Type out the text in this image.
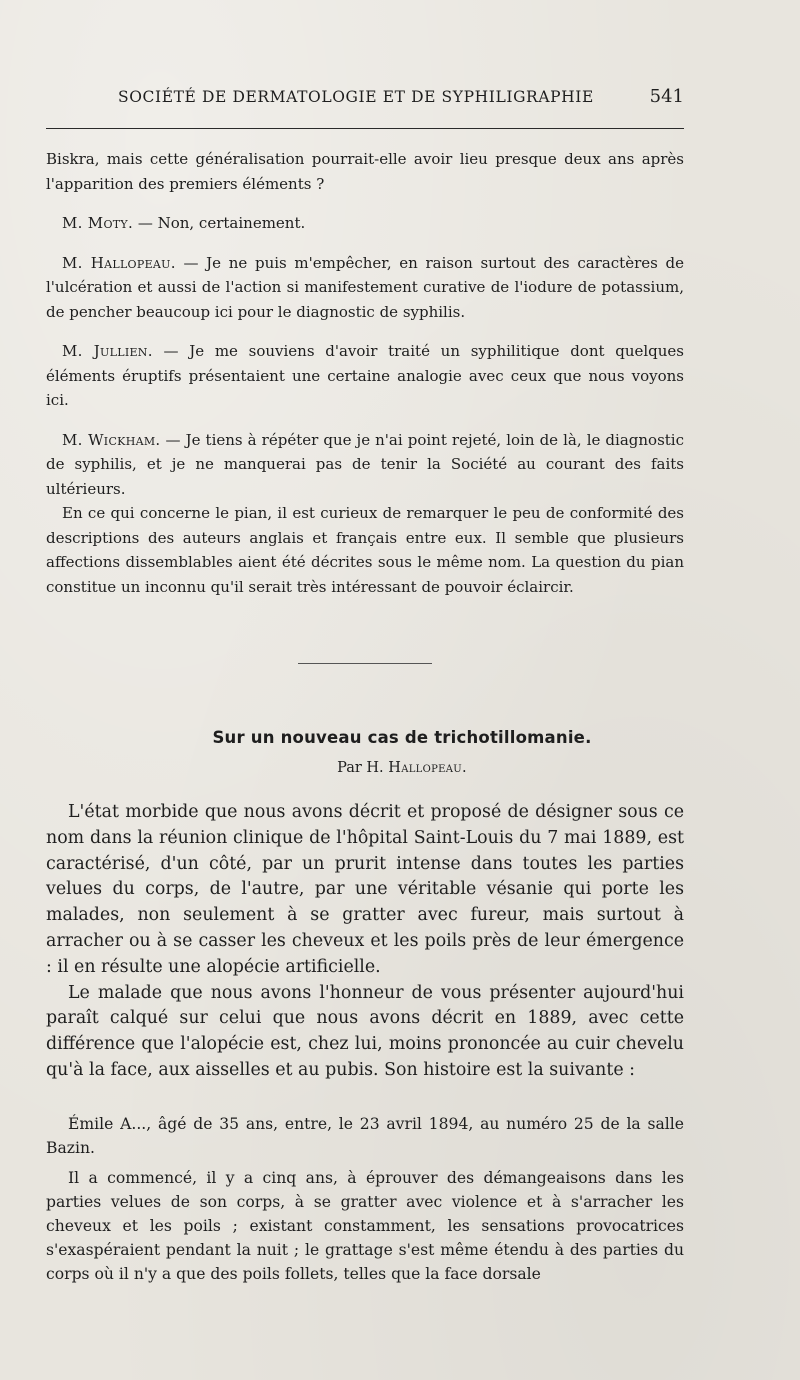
SOCIÉTÉ DE DERMATOLOGIE ET DE SYPHILIGRAPHIE	541

Biskra, mais cette généralisation pourrait-elle avoir lieu presque deux ans après l'apparition des premiers éléments ?

M. Moty. — Non, certainement.

M. Hallopeau. — Je ne puis m'empêcher, en raison surtout des caractères de l'ulcération et aussi de l'action si manifestement curative de l'iodure de potassium, de pencher beaucoup ici pour le diagnostic de syphilis.

M. Jullien. — Je me souviens d'avoir traité un syphilitique dont quelques éléments éruptifs présentaient une certaine analogie avec ceux que nous voyons ici.

M. Wickham. — Je tiens à répéter que je n'ai point rejeté, loin de là, le diagnostic de syphilis, et je ne manquerai pas de tenir la Société au courant des faits ultérieurs.

En ce qui concerne le pian, il est curieux de remarquer le peu de conformité des descriptions des auteurs anglais et français entre eux. Il semble que plusieurs affections dissemblables aient été décrites sous le même nom. La question du pian constitue un inconnu qu'il serait très intéressant de pouvoir éclaircir.

Sur un nouveau cas de trichotillomanie.
Par H. Hallopeau.

L'état morbide que nous avons décrit et proposé de désigner sous ce nom dans la réunion clinique de l'hôpital Saint-Louis du 7 mai 1889, est caractérisé, d'un côté, par un prurit intense dans toutes les parties velues du corps, de l'autre, par une véritable vésanie qui porte les malades, non seulement à se gratter avec fureur, mais surtout à arracher ou à se casser les cheveux et les poils près de leur émergence : il en résulte une alopécie artificielle.

Le malade que nous avons l'honneur de vous présenter aujourd'hui paraît calqué sur celui que nous avons décrit en 1889, avec cette différence que l'alopécie est, chez lui, moins prononcée au cuir chevelu qu'à la face, aux aisselles et au pubis. Son histoire est la suivante :

Émile A..., âgé de 35 ans, entre, le 23 avril 1894, au numéro 25 de la salle Bazin.

Il a commencé, il y a cinq ans, à éprouver des démangeaisons dans les parties velues de son corps, à se gratter avec violence et à s'arracher les cheveux et les poils ; existant constamment, les sensations provocatrices s'exaspéraient pendant la nuit ; le grattage s'est même étendu à des parties du corps où il n'y a que des poils follets, telles que la face dorsale
